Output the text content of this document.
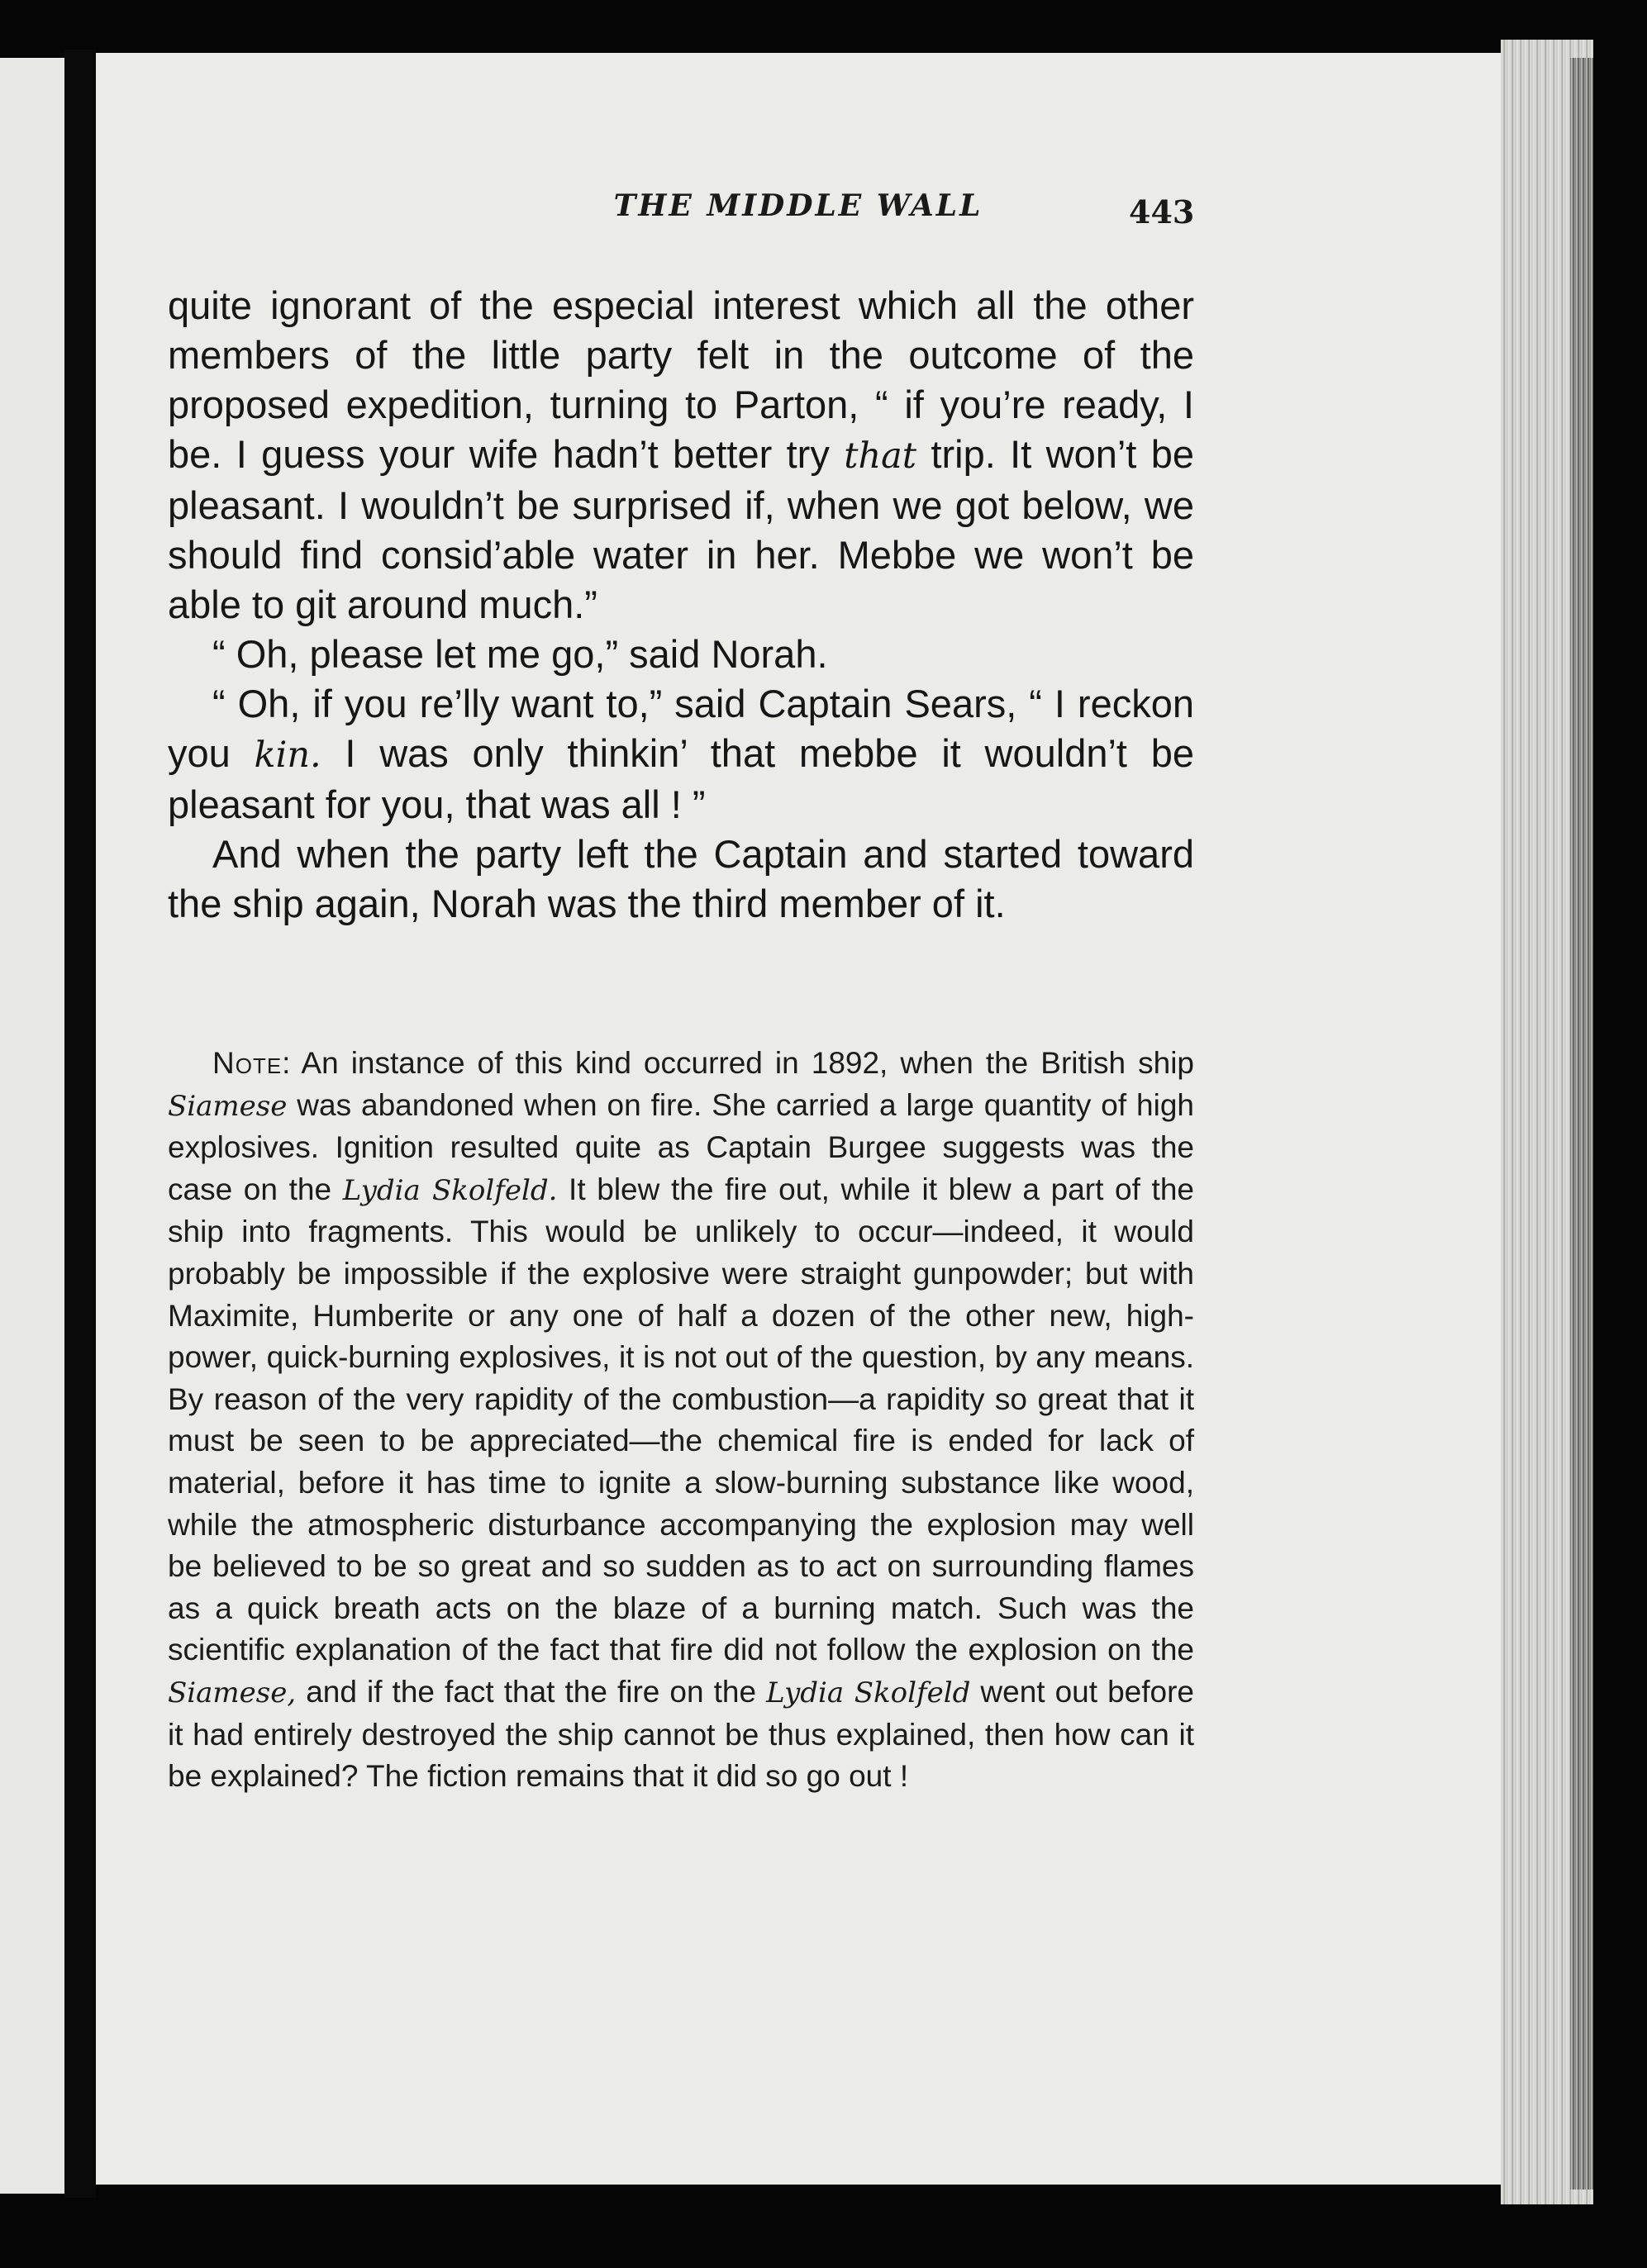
THE MIDDLE WALL	443

quite ignorant of the especial interest which all the other members of the little party felt in the outcome of the proposed expedition, turning to Parton, “ if you’re ready, I be. I guess your wife hadn’t better try that trip. It won’t be pleasant. I wouldn’t be surprised if, when we got below, we should find consid’able water in her. Mebbe we won’t be able to git around much.”

“ Oh, please let me go,” said Norah.

“ Oh, if you re’lly want to,” said Captain Sears, “ I reckon you kin. I was only thinkin’ that mebbe it wouldn’t be pleasant for you, that was all ! ”

And when the party left the Captain and started toward the ship again, Norah was the third member of it.

Note: An instance of this kind occurred in 1892, when the British ship Siamese was abandoned when on fire. She carried a large quantity of high explosives. Ignition resulted quite as Captain Burgee suggests was the case on the Lydia Skolfeld. It blew the fire out, while it blew a part of the ship into fragments. This would be unlikely to occur—indeed, it would probably be impossible if the explosive were straight gunpowder; but with Maximite, Humberite or any one of half a dozen of the other new, high-power, quick-burning explosives, it is not out of the question, by any means. By reason of the very rapidity of the combustion—a rapidity so great that it must be seen to be appreciated—the chemical fire is ended for lack of material, before it has time to ignite a slow-burning substance like wood, while the atmospheric disturbance accompanying the explosion may well be believed to be so great and so sudden as to act on surrounding flames as a quick breath acts on the blaze of a burning match. Such was the scientific explanation of the fact that fire did not follow the explosion on the Siamese, and if the fact that the fire on the Lydia Skolfeld went out before it had entirely destroyed the ship cannot be thus explained, then how can it be explained? The fiction remains that it did so go out !
